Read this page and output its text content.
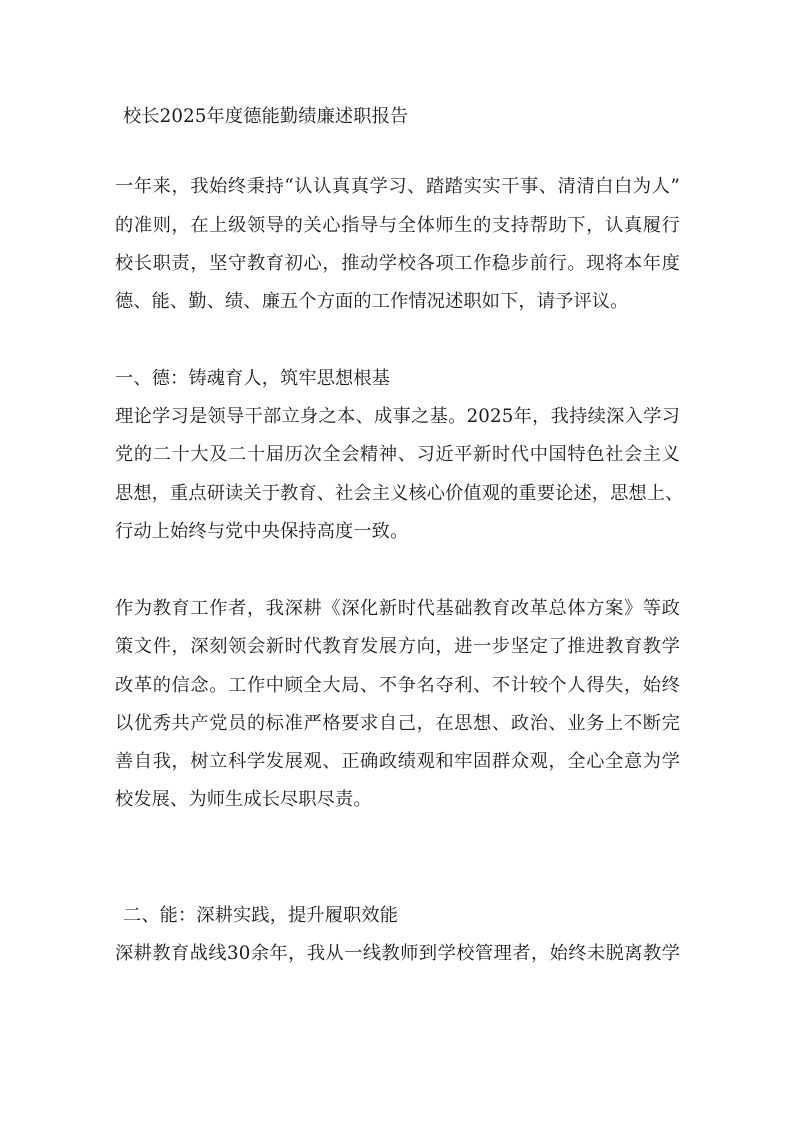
校长2025年度德能勤绩廉述职报告
一年来，我始终秉持“认认真真学习、踏踏实实干事、清清白白为人”
的准则，在上级领导的关心指导与全体师生的支持帮助下，认真履行
校长职责，坚守教育初心，推动学校各项工作稳步前行。现将本年度
德、能、勤、绩、廉五个方面的工作情况述职如下，请予评议。
一、德：铸魂育人，筑牢思想根基
理论学习是领导干部立身之本、成事之基。2025年，我持续深入学习
党的二十大及二十届历次全会精神、习近平新时代中国特色社会主义
思想，重点研读关于教育、社会主义核心价值观的重要论述，思想上、
行动上始终与党中央保持高度一致。
作为教育工作者，我深耕《深化新时代基础教育改革总体方案》等政
策文件，深刻领会新时代教育发展方向，进一步坚定了推进教育教学
改革的信念。工作中顾全大局、不争名夺利、不计较个人得失，始终
以优秀共产党员的标准严格要求自己，在思想、政治、业务上不断完
善自我，树立科学发展观、正确政绩观和牢固群众观，全心全意为学
校发展、为师生成长尽职尽责。
二、能：深耕实践，提升履职效能
深耕教育战线30余年，我从一线教师到学校管理者，始终未脱离教学
